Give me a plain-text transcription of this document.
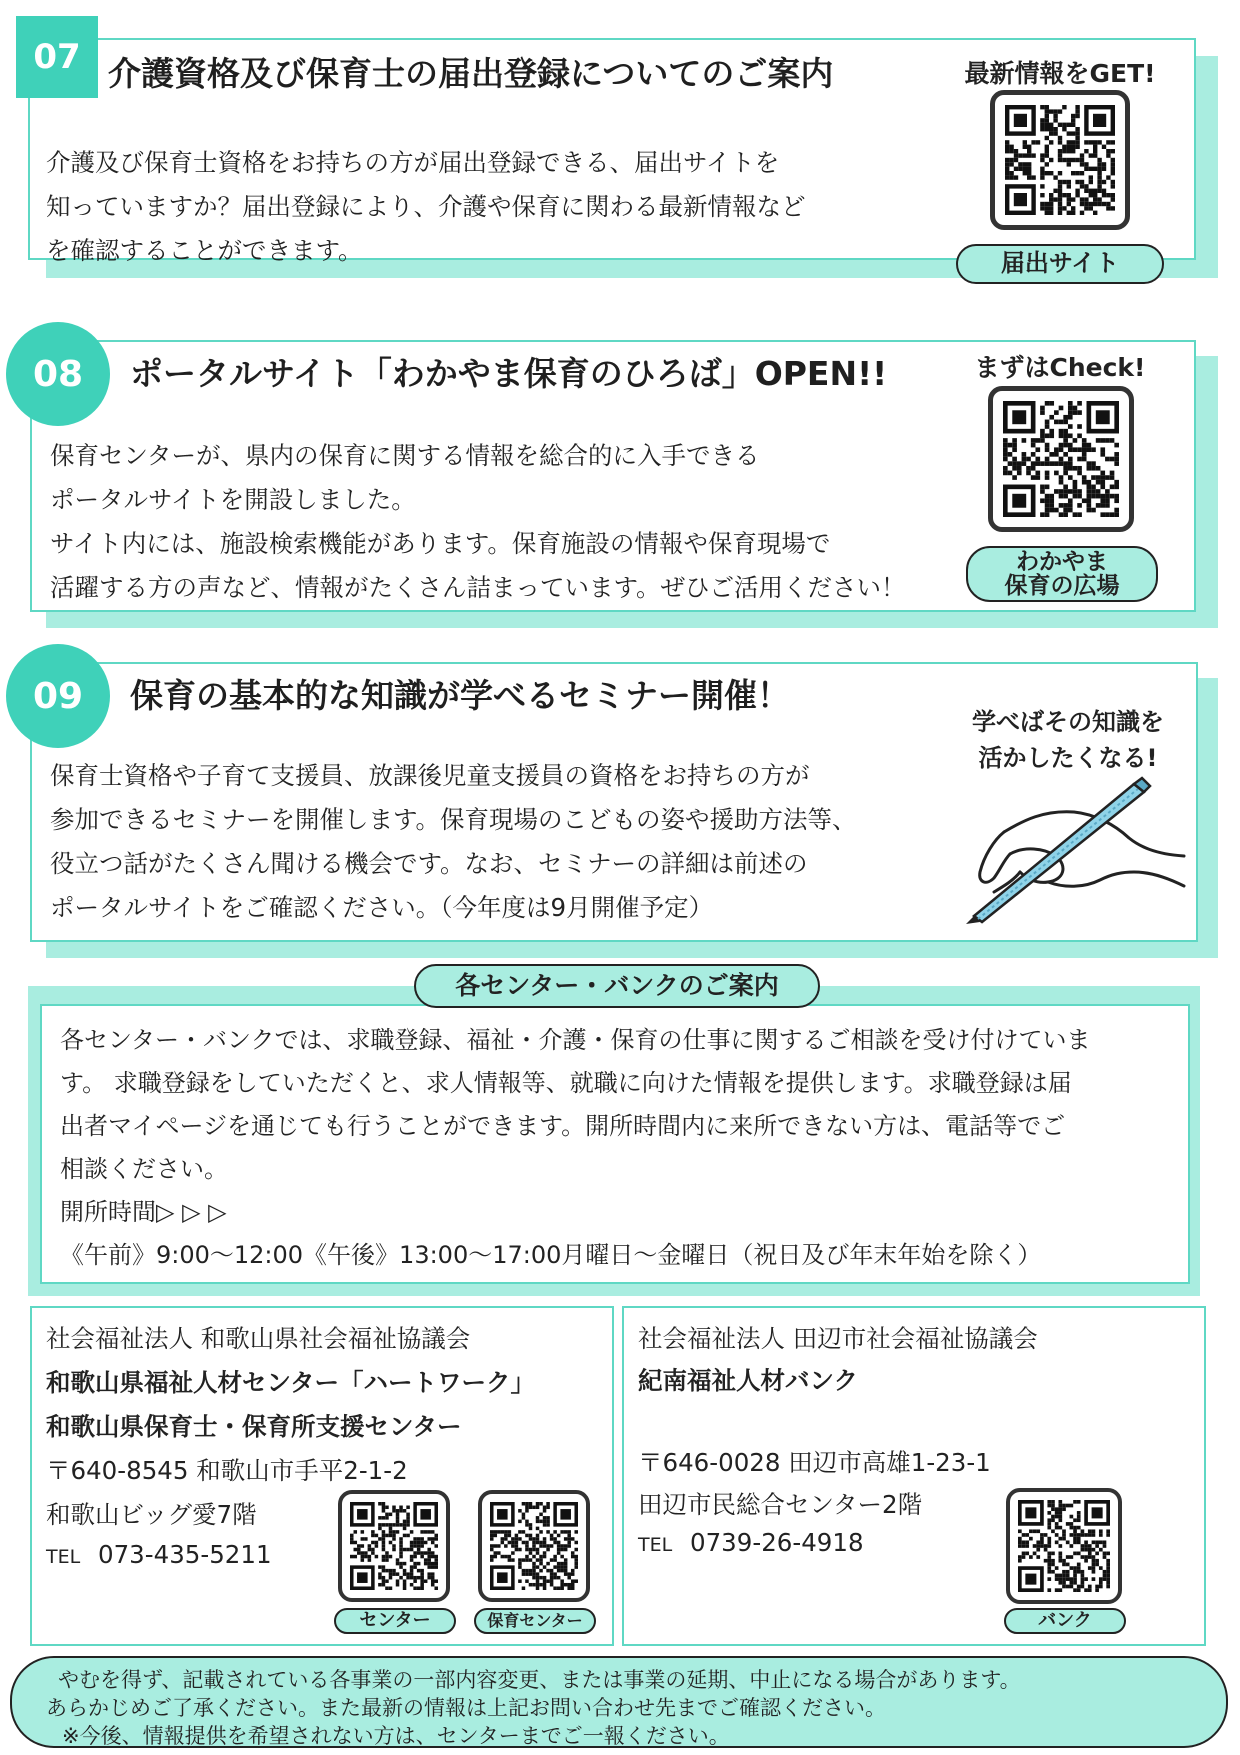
07 介護資格及び保育士の届出登録についてのご案内
介護及び保育士資格をお持ちの方が届出登録できる、届出サイトを
知っていますか？届出登録により、介護や保育に関わる最新情報など
を確認することができます。
最新情報をGET!
届出サイト
08	ポータルサイト「わかやま保育のひろば」OPEN!!
保育センターが、県内の保育に関する情報を総合的に入手できる
ポータルサイトを開設しました。
サイト内には、施設検索機能があります。保育施設の情報や保育現場で
活躍する方の声など、情報がたくさん詰まっています。ぜひご活用ください！
まずはCheck!
わかやま
保育の広場
09	保育の基本的な知識が学べるセミナー開催！
保育士資格や子育て支援員、放課後児童支援員の資格をお持ちの方が
参加できるセミナーを開催します。保育現場のこどもの姿や援助方法等、
役立つ話がたくさん聞ける機会です。なお、セミナーの詳細は前述の
ポータルサイトをご確認ください。（今年度は9月開催予定）
学べばその知識を
活かしたくなる!
各センター・バンクのご案内
各センター・バンクでは、求職登録、福祉・介護・保育の仕事に関するご相談を受け付けていま
す。 求職登録をしていただくと、求人情報等、就職に向けた情報を提供します。求職登録は届
出者マイページを通じても行うことができます。開所時間内に来所できない方は、電話等でご
相談ください。
開所時間▷ ▷ ▷
《午前》9:00～12:00《午後》13:00～17:00月曜日～金曜日（祝日及び年末年始を除く）
社会福祉法人 和歌山県社会福祉協議会
和歌山県福祉人材センター「ハートワーク」
和歌山県保育士・保育所支援センター
〒640-8545 和歌山市手平2-1-2
和歌山ビッグ愛7階
TEL 073-435-5211
センター	保育センター
社会福祉法人 田辺市社会福祉協議会
紀南福祉人材バンク
〒646-0028 田辺市高雄1-23-1
田辺市民総合センター2階
TEL 0739-26-4918
バンク
やむを得ず、記載されている各事業の一部内容変更、または事業の延期、中止になる場合があります。
あらかじめご了承ください。また最新の情報は上記お問い合わせ先までご確認ください。
※今後、情報提供を希望されない方は、センターまでご一報ください。
